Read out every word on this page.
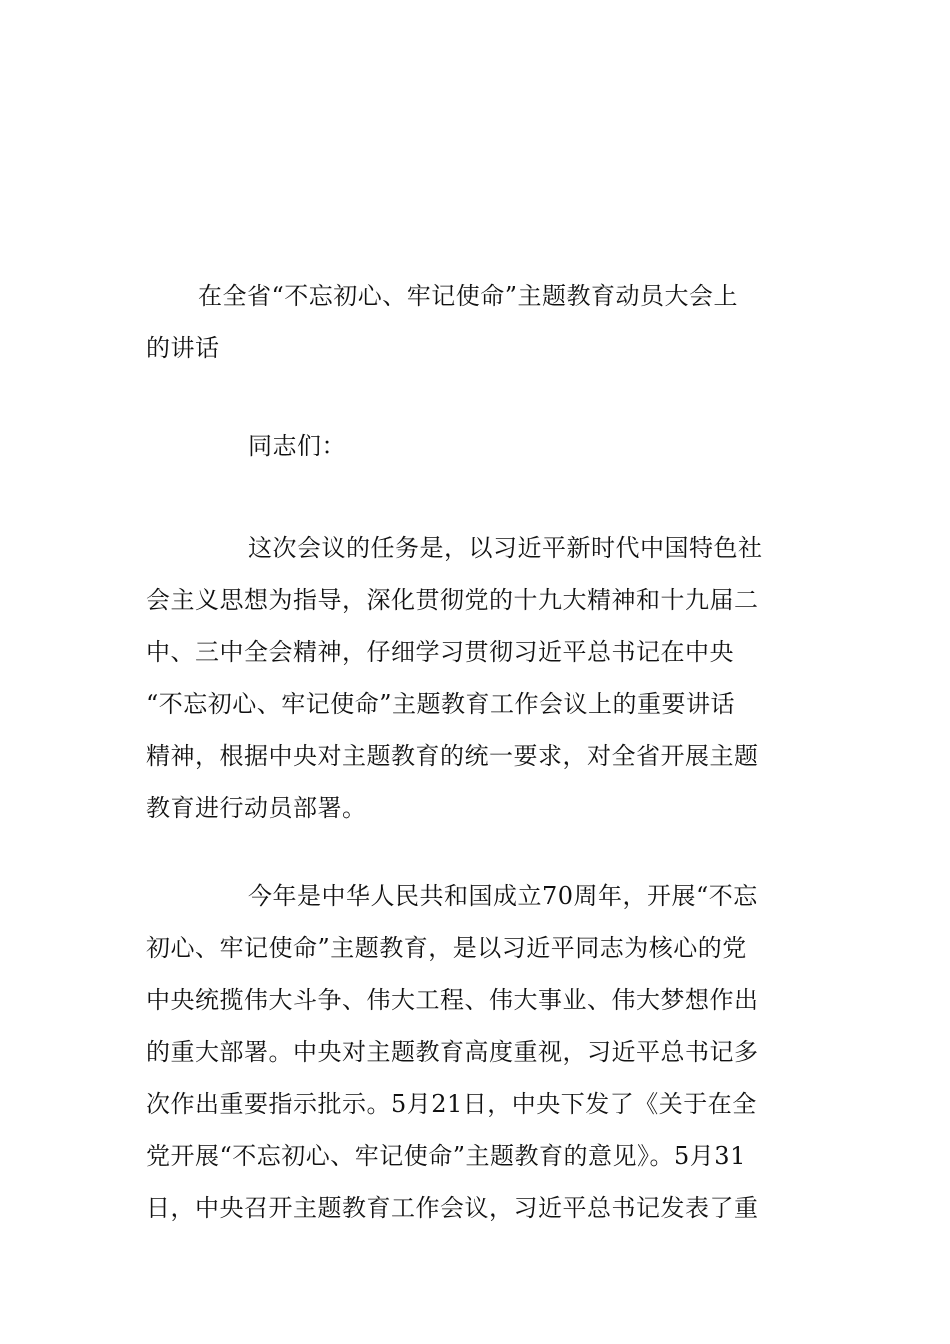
在全省“不忘初心、牢记使命”主题教育动员大会上
的讲话
同志们：
这次会议的任务是，以习近平新时代中国特色社
会主义思想为指导，深化贯彻党的十九大精神和十九届二
中、三中全会精神，仔细学习贯彻习近平总书记在中央
“不忘初心、牢记使命”主题教育工作会议上的重要讲话
精神，根据中央对主题教育的统一要求，对全省开展主题
教育进行动员部署。
今年是中华人民共和国成立70周年，开展“不忘
初心、牢记使命”主题教育，是以习近平同志为核心的党
中央统揽伟大斗争、伟大工程、伟大事业、伟大梦想作出
的重大部署。中央对主题教育高度重视，习近平总书记多
次作出重要指示批示。5月21日，中央下发了《关于在全
党开展“不忘初心、牢记使命”主题教育的意见》。5月31
日，中央召开主题教育工作会议，习近平总书记发表了重
